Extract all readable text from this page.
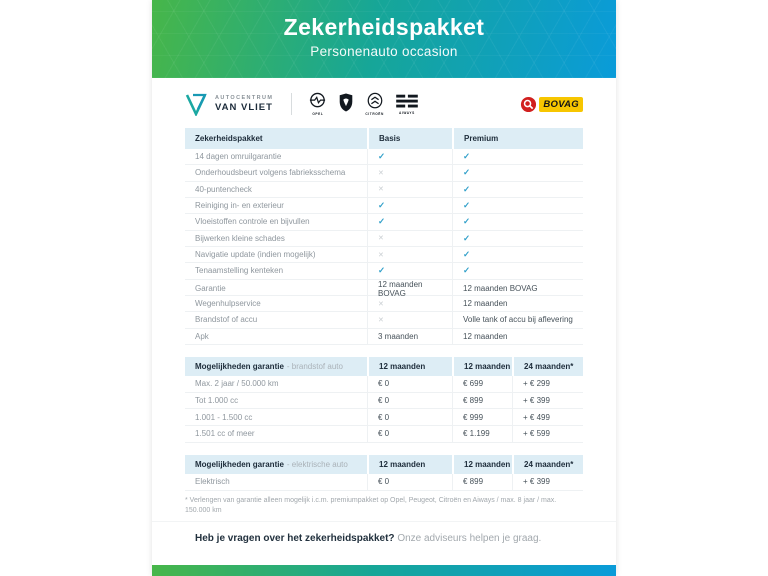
Zekerheidspakket
Personenauto occasion
AUTOCENTRUM
VAN VLIET
OPEL	CITROËN	AIWAYS
BOVAG
Zekerheidspakket	Basis	Premium
14 dagen omruilgarantie	✓	✓
Onderhoudsbeurt volgens fabrieksschema	✕	✓
40-puntencheck	✕	✓
Reiniging in- en exterieur	✓	✓
Vloeistoffen controle en bijvullen	✓	✓
Bijwerken kleine schades	✕	✓
Navigatie update (indien mogelijk)	✕	✓
Tenaamstelling kenteken	✓	✓
Garantie	12 maanden BOVAG	12 maanden BOVAG
Wegenhulpservice	✕	12 maanden
Brandstof of accu	✕	Volle tank of accu bij aflevering
Apk	3 maanden	12 maanden
Mogelijkheden garantie - brandstof auto	12 maanden	12 maanden	24 maanden*
Max. 2 jaar / 50.000 km	€ 0	€ 699	+ € 299
Tot 1.000 cc	€ 0	€ 899	+ € 399
1.001 - 1.500 cc	€ 0	€ 999	+ € 499
1.501 cc of meer	€ 0	€ 1.199	+ € 599
Mogelijkheden garantie - elektrische auto	12 maanden	12 maanden	24 maanden*
Elektrisch	€ 0	€ 899	+ € 399
* Verlengen van garantie alleen mogelijk i.c.m. premiumpakket op Opel, Peugeot, Citroën en Aiways / max. 8 jaar / max. 150.000 km
Heb je vragen over het zekerheidspakket? Onze adviseurs helpen je graag.
